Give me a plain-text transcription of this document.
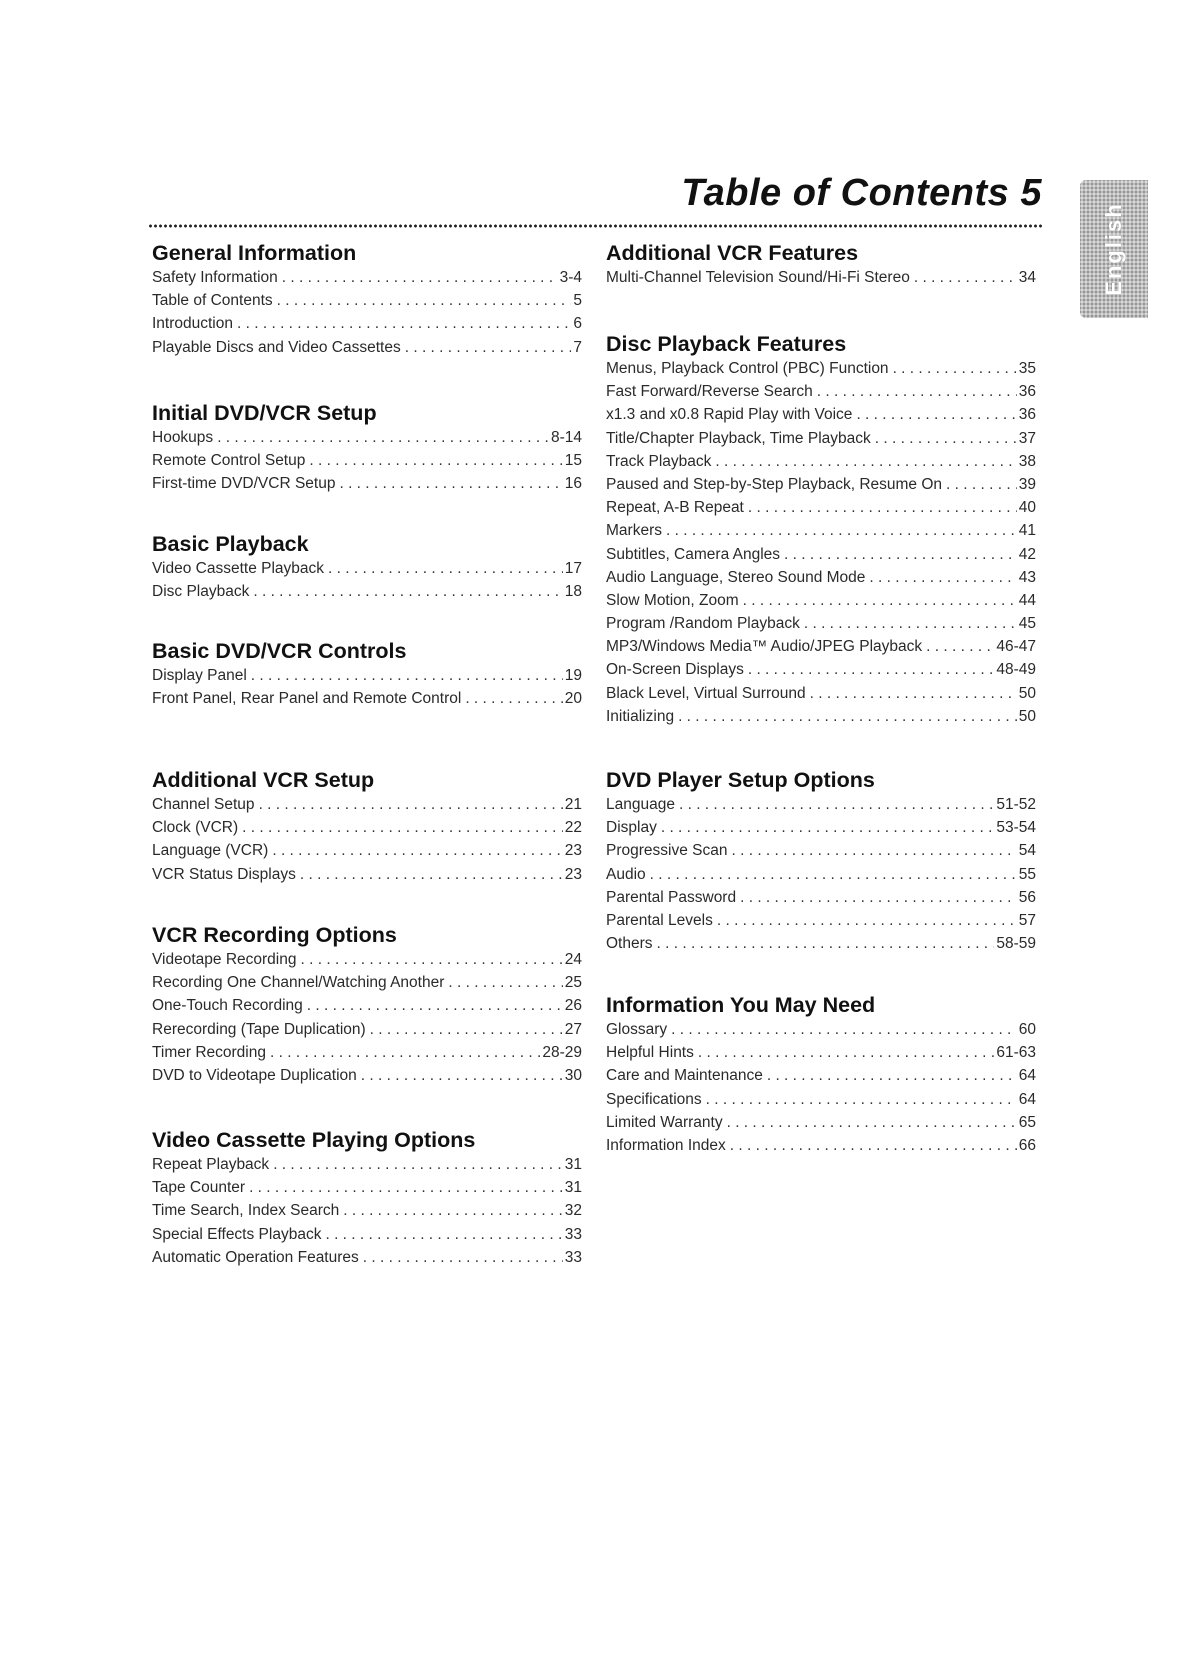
Table of Contents 5
English
General Information
Safety Information . . .	3-4
Table of Contents . . .	5
Introduction . . .	6
Playable Discs and Video Cassettes . . .	7
Initial DVD/VCR Setup
Hookups . . .	8-14
Remote Control Setup . . .	15
First-time DVD/VCR Setup . . .	16
Basic Playback
Video Cassette Playback . . .	17
Disc Playback . . .	18
Basic DVD/VCR Controls
Display Panel . . .	19
Front Panel, Rear Panel and Remote Control . . .	20
Additional VCR Setup
Channel Setup . . .	21
Clock (VCR) . . .	22
Language (VCR) . . .	23
VCR Status Displays . . .	23
VCR Recording Options
Videotape Recording . . .	24
Recording One Channel/Watching Another . . .	25
One-Touch Recording . . .	26
Rerecording (Tape Duplication) . . .	27
Timer Recording . . .	28-29
DVD to Videotape Duplication . . .	30
Video Cassette Playing Options
Repeat Playback . . .	31
Tape Counter . . .	31
Time Search, Index Search . . .	32
Special Effects Playback . . .	33
Automatic Operation Features . . .	33
Additional VCR Features
Multi-Channel Television Sound/Hi-Fi Stereo . . .	34
Disc Playback Features
Menus, Playback Control (PBC) Function . . .	35
Fast Forward/Reverse Search . . .	36
x1.3 and x0.8 Rapid Play with Voice . . .	36
Title/Chapter Playback, Time Playback . . .	37
Track Playback . . .	38
Paused and Step-by-Step Playback, Resume On . . .	39
Repeat, A-B Repeat . . .	40
Markers . . .	41
Subtitles, Camera Angles . . .	42
Audio Language, Stereo Sound Mode . . .	43
Slow Motion, Zoom . . .	44
Program /Random Playback . . .	45
MP3/Windows Media™ Audio/JPEG Playback . . .	46-47
On-Screen Displays . . .	48-49
Black Level, Virtual Surround . . .	50
Initializing . . .	50
DVD Player Setup Options
Language . . .	51-52
Display . . .	53-54
Progressive Scan . . .	54
Audio . . .	55
Parental Password . . .	56
Parental Levels . . .	57
Others . . .	58-59
Information You May Need
Glossary . . .	60
Helpful Hints . . .	61-63
Care and Maintenance . . .	64
Specifications . . .	64
Limited Warranty . . .	65
Information Index . . .	66
